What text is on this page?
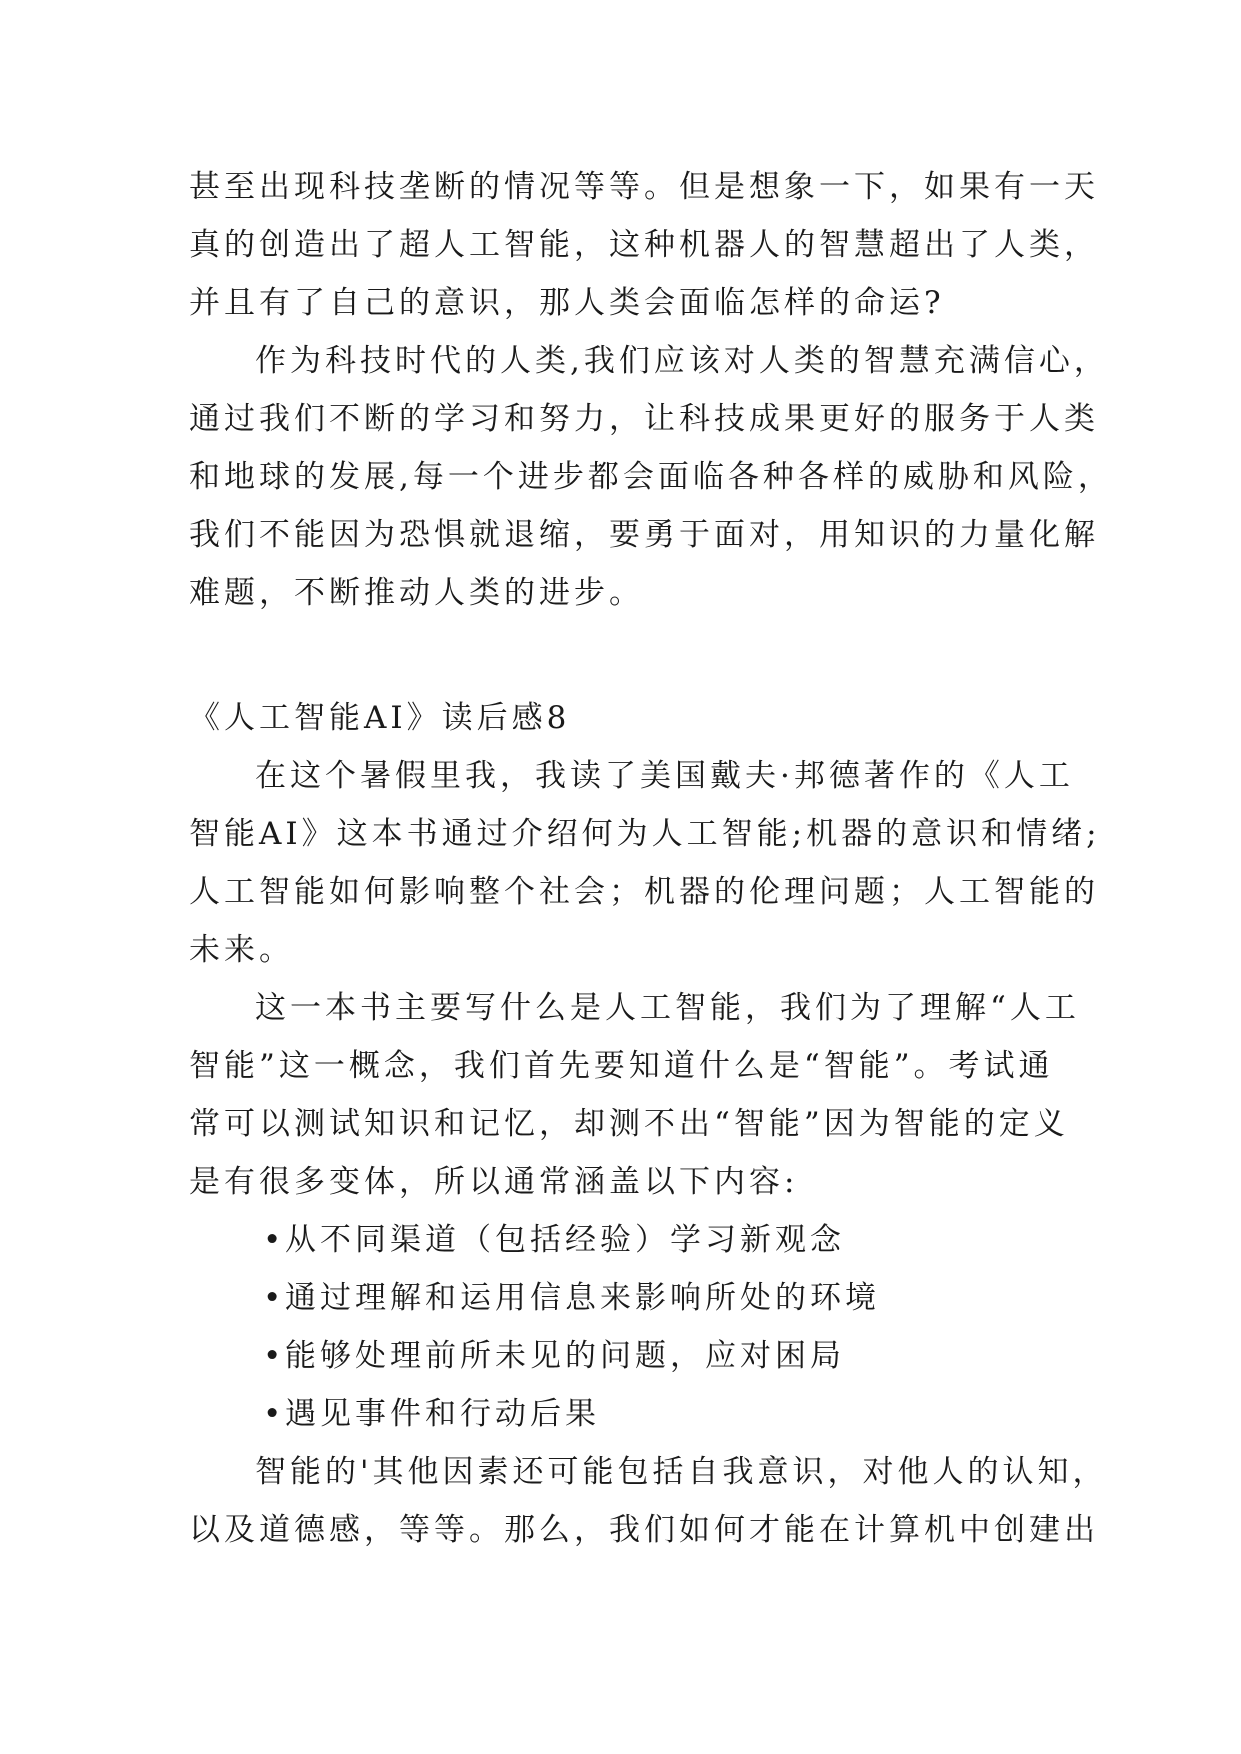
甚至出现科技垄断的情况等等。但是想象一下，如果有一天
真的创造出了超人工智能，这种机器人的智慧超出了人类，
并且有了自己的意识，那人类会面临怎样的命运?
作为科技时代的人类,我们应该对人类的智慧充满信心，
通过我们不断的学习和努力，让科技成果更好的服务于人类
和地球的发展,每一个进步都会面临各种各样的威胁和风险，
我们不能因为恐惧就退缩，要勇于面对，用知识的力量化解
难题，不断推动人类的进步。
《人工智能AI》读后感8
在这个暑假里我，我读了美国戴夫·邦德著作的《人工
智能AI》这本书通过介绍何为人工智能;机器的意识和情绪;
人工智能如何影响整个社会；机器的伦理问题；人工智能的
未来。
这一本书主要写什么是人工智能，我们为了理解“人工
智能”这一概念，我们首先要知道什么是“智能”。考试通
常可以测试知识和记忆，却测不出“智能”因为智能的定义
是有很多变体，所以通常涵盖以下内容:
•从不同渠道（包括经验）学习新观念
•通过理解和运用信息来影响所处的环境
•能够处理前所未见的问题，应对困局
•遇见事件和行动后果
智能的'其他因素还可能包括自我意识，对他人的认知，
以及道德感，等等。那么，我们如何才能在计算机中创建出
